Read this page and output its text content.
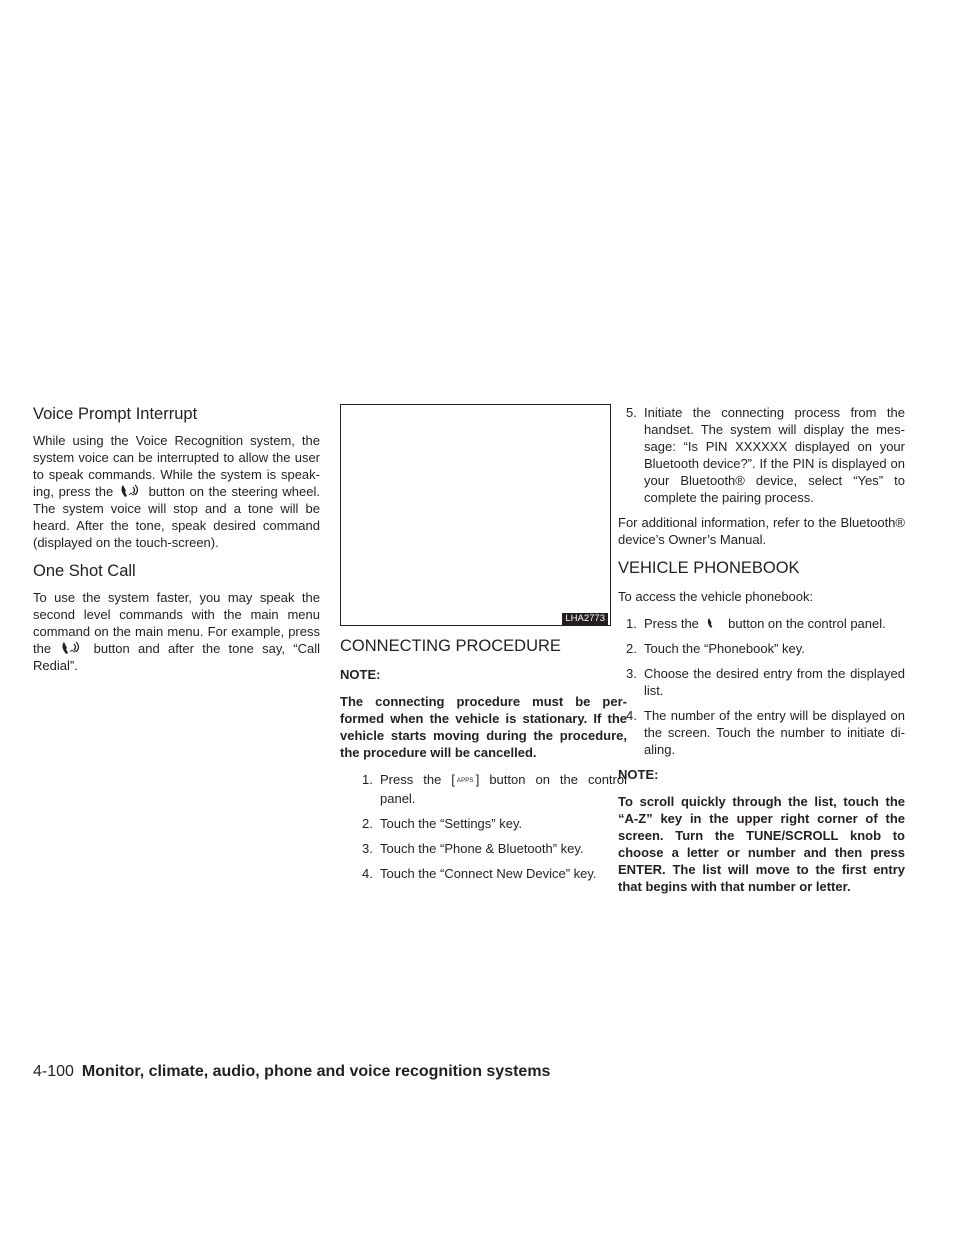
Voice Prompt Interrupt

While using the Voice Recognition system, the system voice can be interrupted to allow the user to speak commands. While the system is speak- ing, press the	button on the steering wheel. The system voice will stop and a tone will be heard. After the tone, speak desired command (displayed on the touch-screen).

One Shot Call

To use the system faster, you may speak the second level commands with the main menu command on the main menu. For example, press the	button and after the tone say, “Call Redial”.

LHA2773
CONNECTING PROCEDURE

NOTE:

The connecting procedure must be per- formed when the vehicle is stationary. If the vehicle starts moving during the procedure, the procedure will be cancelled.

1. Press the [ APPS ] button on the control panel.
2. Touch the “Settings” key.
3. Touch the “Phone & Bluetooth” key.
4. Touch the “Connect New Device” key.
5. Initiate the connecting process from the handset. The system will display the mes- sage: “Is PIN XXXXXX displayed on your Bluetooth device?”. If the PIN is displayed on your Bluetooth® device, select “Yes” to complete the pairing process.

For additional information, refer to the Bluetooth® device’s Owner’s Manual.

VEHICLE PHONEBOOK

To access the vehicle phonebook:

1. Press the button on the control panel.
2. Touch the “Phonebook” key.
3. Choose the desired entry from the displayed list.
4. The number of the entry will be displayed on the screen. Touch the number to initiate di- aling.

NOTE:

To scroll quickly through the list, touch the “A-Z” key in the upper right corner of the screen. Turn the TUNE/SCROLL knob to choose a letter or number and then press ENTER. The list will move to the first entry that begins with that number or letter.

4-100 Monitor, climate, audio, phone and voice recognition systems
